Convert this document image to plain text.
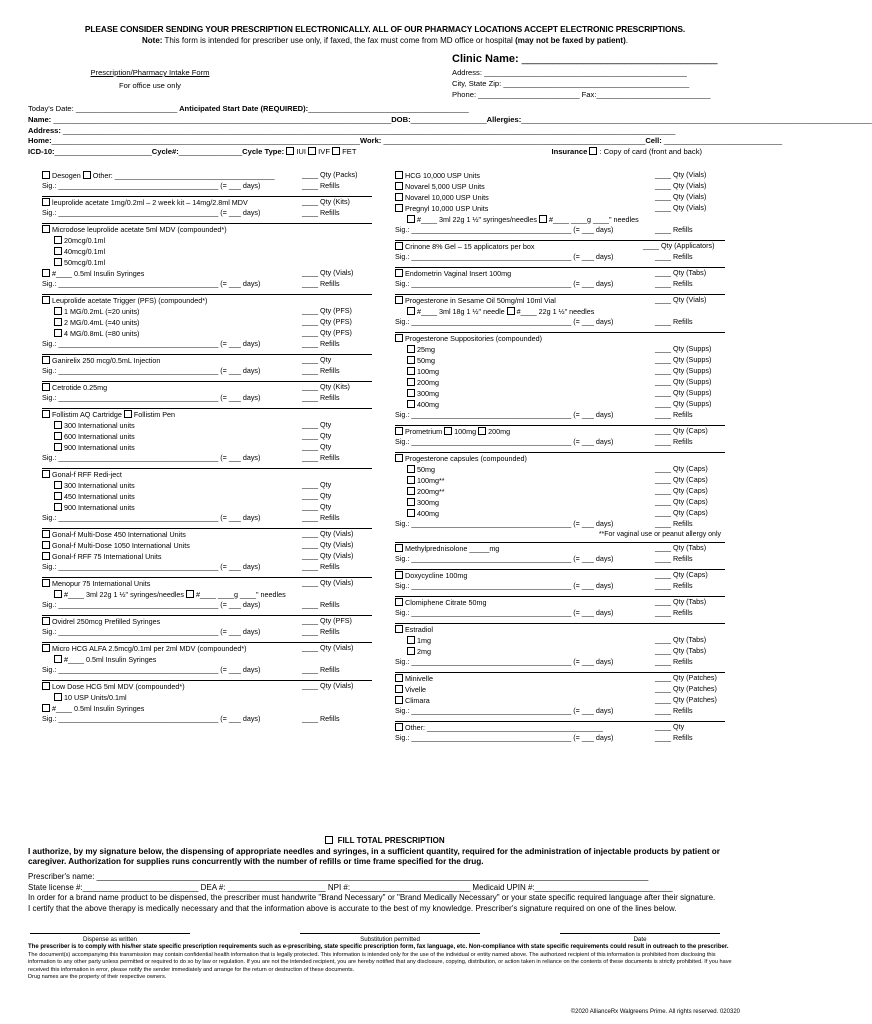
PLEASE CONSIDER SENDING YOUR PRESCRIPTION ELECTRONICALLY. ALL OF OUR PHARMACY LOCATIONS ACCEPT ELECTRONIC PRESCRIPTIONS.
Note: This form is intended for prescriber use only, if faxed, the fax must come from MD office or hospital (may not be faxed by patient).
Prescription/Pharmacy Intake Form
For office use only
Clinic Name: ________________________________
Address: ________________________________________________
City, State Zip: ____________________________________________
Phone: ________________________ Fax:___________________________
Today's Date: ________________________ Anticipated Start Date (REQUIRED):______________________________________
Name: ________________________________________________________________________________DOB:__________________Allergies:___________________________________________________________________________________
Address: _________________________________________________________________________________________________________________________________________________
Home:_________________________________________________________________________Work: ______________________________________________________________Cell: ____________________________
ICD-10:_______________________Cycle#:_______________Cycle Type: IUI IVF FET	Insurance : Copy of card (front and back)
Desogen Other: ________________________________________	____ Qty (Packs)
Sig.: ________________________________________ (= ___ days)	____ Refills
leuprolide acetate 1mg/0.2ml – 2 week kit – 14mg/2.8ml MDV	____ Qty (Kits)
Sig.: ________________________________________ (= ___ days)	____ Refills
Microdose leuprolide acetate 5ml MDV (compounded*)
20mcg/0.1ml
40mcg/0.1ml
50mcg/0.1ml
#____ 0.5ml Insulin Syringes	____ Qty (Vials)
Sig.: ________________________________________ (= ___ days)	____ Refills
Leuprolide acetate Trigger (PFS) (compounded*)
1 MG/0.2mL (=20 units)	____ Qty (PFS)
2 MG/0.4mL (=40 units)	____ Qty (PFS)
4 MG/0.8mL (=80 units)	____ Qty (PFS)
Sig.: ________________________________________ (= ___ days)	____ Refills
Ganirelix 250 mcg/0.5mL Injection	____ Qty
Sig.: ________________________________________ (= ___ days)	____ Refills
Cetrotide 0.25mg	____ Qty (Kits)
Sig.: ________________________________________ (= ___ days)	____ Refills
Follistim AQ Cartridge Follistim Pen
300 International units	____ Qty
600 International units	____ Qty
900 International units	____ Qty
Sig.: ________________________________________ (= ___ days)	____ Refills
Gonal-f RFF Redi-ject
300 International units	____ Qty
450 International units	____ Qty
900 International units	____ Qty
Sig.: ________________________________________ (= ___ days)	____ Refills
Gonal-f Multi-Dose 450 International Units	____ Qty (Vials)
Gonal-f Multi-Dose 1050 International Units	____ Qty (Vials)
Gonal-f RFF 75 International Units	____ Qty (Vials)
Sig.: ________________________________________ (= ___ days)	____ Refills
Menopur 75 International Units	____ Qty (Vials)
#____ 3ml 22g 1 ½" syringes/needles #____ ____g ____" needles
Sig.: ________________________________________ (= ___ days)	____ Refills
Ovidrel 250mcg Prefilled Syringes	____ Qty (PFS)
Sig.: ________________________________________ (= ___ days)	____ Refills
Micro HCG ALFA 2.5mcg/0.1ml per 2ml MDV (compounded*)	____ Qty (Vials)
#____ 0.5ml Insulin Syringes
Sig.: ________________________________________ (= ___ days)	____ Refills
Low Dose HCG 5ml MDV (compounded*)	____ Qty (Vials)
10 USP Units/0.1ml
#____ 0.5ml Insulin Syringes
Sig.: ________________________________________ (= ___ days)	____ Refills
HCG 10,000 USP Units	____ Qty (Vials)
Novarel 5,000 USP Units	____ Qty (Vials)
Novarel 10,000 USP Units	____ Qty (Vials)
Pregnyl 10,000 USP Units	____ Qty (Vials)
#____ 3ml 22g 1 ½" syringes/needles #____ ____g ____" needles
Sig.: ________________________________________ (= ___ days)	____ Refills
Crinone 8% Gel – 15 applicators per box	____ Qty (Applicators)
Sig.: ________________________________________ (= ___ days)	____ Refills
Endometrin Vaginal Insert 100mg	____ Qty (Tabs)
Sig.: ________________________________________ (= ___ days)	____ Refills
Progesterone in Sesame Oil 50mg/ml 10ml Vial	____ Qty (Vials)
#____ 3ml 18g 1 ½" needle #____ 22g 1 ½" needles
Sig.: ________________________________________ (= ___ days)	____ Refills
Progesterone Suppositories (compounded)
25mg	____ Qty (Supps)
50mg	____ Qty (Supps)
100mg	____ Qty (Supps)
200mg	____ Qty (Supps)
300mg	____ Qty (Supps)
400mg	____ Qty (Supps)
Sig.: ________________________________________ (= ___ days)	____ Refills
Prometrium 100mg 200mg	____ Qty (Caps)
Sig.: ________________________________________ (= ___ days)	____ Refills
Progesterone capsules (compounded)
50mg	____ Qty (Caps)
100mg**	____ Qty (Caps)
200mg**	____ Qty (Caps)
300mg	____ Qty (Caps)
400mg	____ Qty (Caps)
Sig.: ________________________________________ (= ___ days)	____ Refills
**For vaginal use or peanut allergy only
Methylprednisolone _____mg	____ Qty (Tabs)
Sig.: ________________________________________ (= ___ days)	____ Refills
Doxycycline 100mg	____ Qty (Caps)
Sig.: ________________________________________ (= ___ days)	____ Refills
Clomiphene Citrate 50mg	____ Qty (Tabs)
Sig.: ________________________________________ (= ___ days)	____ Refills
Estradiol
1mg	____ Qty (Tabs)
2mg	____ Qty (Tabs)
Sig.: ________________________________________ (= ___ days)	____ Refills
Minivelle	____ Qty (Patches)
Vivelle	____ Qty (Patches)
Climara	____ Qty (Patches)
Sig.: ________________________________________ (= ___ days)	____ Refills
Other: ____________________________________________	____ Qty
Sig.: ________________________________________ (= ___ days)	____ Refills
FILL TOTAL PRESCRIPTION
I authorize, by my signature below, the dispensing of appropriate needles and syringes, in a sufficient quantity, required for the administration of injectable products by patient or caregiver. Authorization for supplies runs concurrently with the number of refills or time frame specified for the drug.
Prescriber's name: ____________________________________________________________________________________________________________________________
State license #:__________________________ DEA #: ______________________ NPI #:___________________________ Medicaid UPIN #:_______________________________
In order for a brand name product to be dispensed, the prescriber must handwrite "Brand Necessary" or "Brand Medically Necessary" or your state specific required language after their signature.
I certify that the above therapy is medically necessary and that the information above is accurate to the best of my knowledge. Prescriber's signature required on one of the lines below.
Dispense as written	Substitution permitted	Date
The prescriber is to comply with his/her state specific prescription requirements such as e-prescribing, state specific prescription form, fax language, etc. Non-compliance with state specific requirements could result in outreach to the prescriber.
The document(s) accompanying this transmission may contain confidential health information that is legally protected. This information is intended only for the use of the individual or entity named above. The authorized recipient of this information is prohibited from disclosing this information to any other party unless permitted or required to do so by law or regulation. If you are not the intended recipient, you are hereby notified that any disclosure, copying, distribution, or action taken in reliance on the contents of these documents is strictly prohibited. If you have received this information in error, please notify the sender immediately and arrange for the return or destruction of these documents.
Drug names are the property of their respective owners.
©2020 AllianceRx Walgreens Prime. All rights reserved. 020320
